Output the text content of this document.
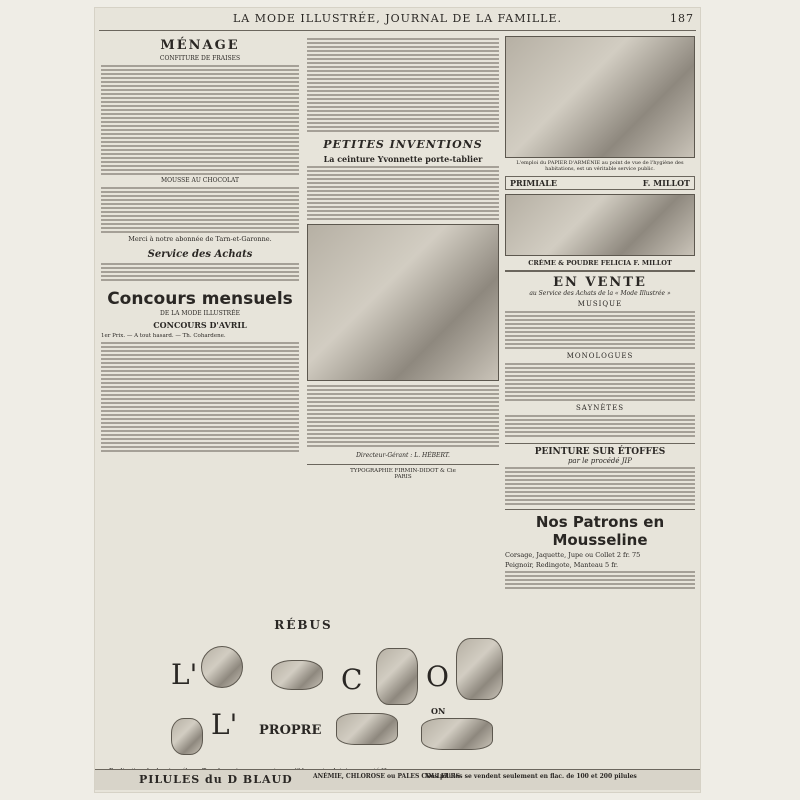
LA MODE ILLUSTRÉE, JOURNAL DE LA FAMILLE.	187
MÉNAGE
CONFITURE DE FRAISES
MOUSSE AU CHOCOLAT
Merci à notre abonnée de Tarn-et-Garonne.
Service des Achats
Concours mensuels
DE LA MODE ILLUSTRÉE
CONCOURS D'AVRIL
1er Prix. — A tout hasard. — Th. Cohardene.
PETITES INVENTIONS
La ceinture Yvonnette porte-tablier
Directeur-Gérant : L. HÉBERT.
TYPOGRAPHIE FIRMIN-DIDOT & Cie
PARIS
L'emploi du PAPIER D'ARMÉNIE au point de vue de l'hygiène des habitations, est un véritable service public.
PRIMIALE	F. MILLOT
CRÈME & POUDRE FELICIA F. MILLOT
EN VENTE
au Service des Achats de la « Mode Illustrée »
MUSIQUE
MONOLOGUES
SAYNÈTES
PEINTURE SUR ÉTOFFES
par le procédé JIP
Nos Patrons en Mousseline
Corsage, Jaquette, Jupe ou Collet 2 fr. 75
Peignoir, Redingote, Manteau 5 fr.
RÉBUS
L'	C O
L' PROPRE
ON
PILULES du D BLAUD	ANÉMIE, CHLOROSE ou PALES COULEURS
Nos pilules se vendent seulement en flac. de 100 et 200 pilules
